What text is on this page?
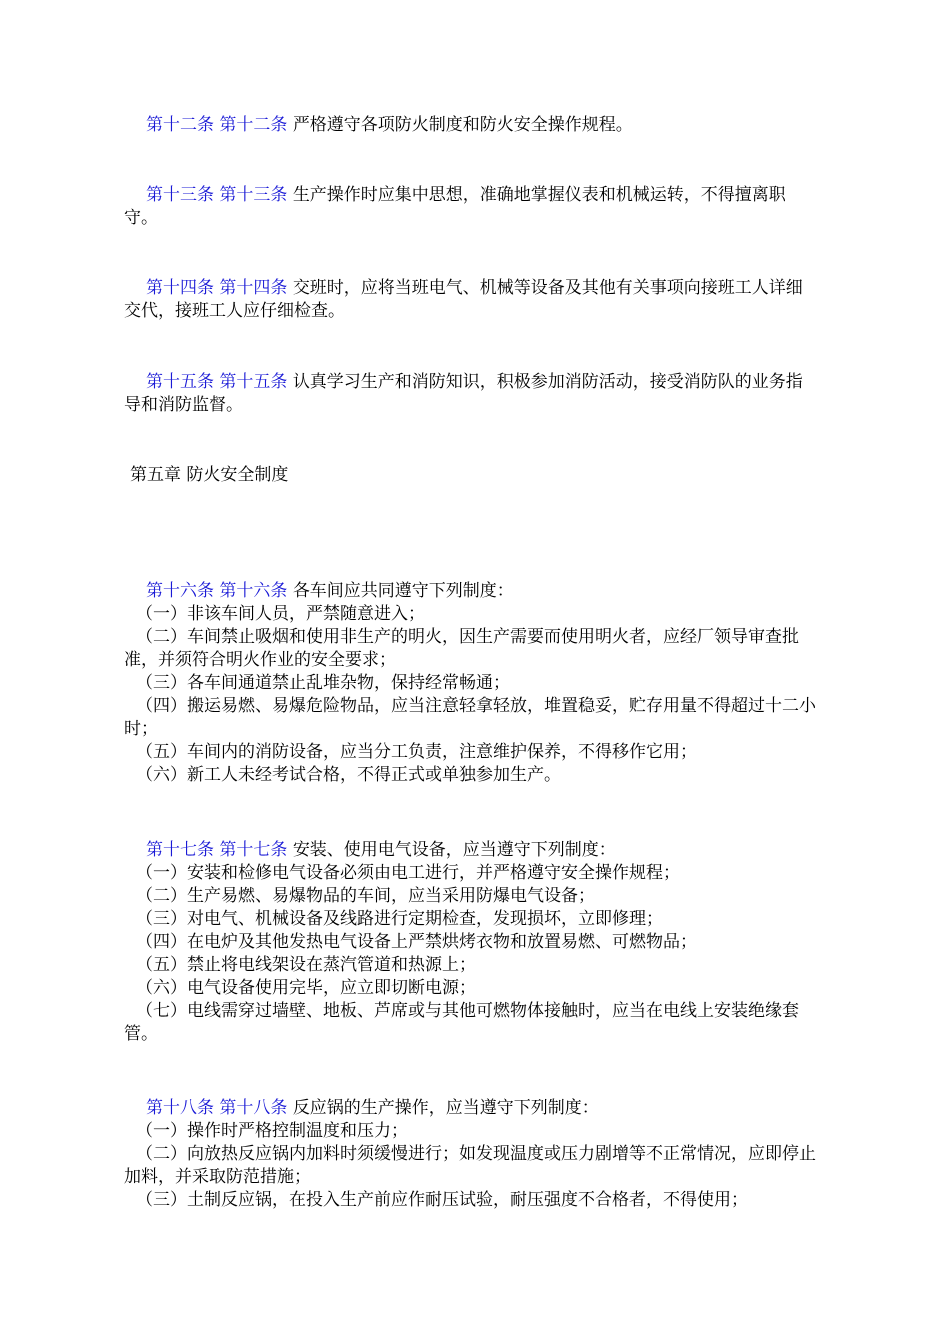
第十二条 第十二条 严格遵守各项防火制度和防火安全操作规程。
第十三条 第十三条 生产操作时应集中思想，准确地掌握仪表和机械运转，不得擅离职
守。
第十四条 第十四条 交班时，应将当班电气、机械等设备及其他有关事项向接班工人详细
交代，接班工人应仔细检查。
第十五条 第十五条 认真学习生产和消防知识，积极参加消防活动，接受消防队的业务指
导和消防监督。
第五章 防火安全制度
第十六条 第十六条 各车间应共同遵守下列制度：
（一）非该车间人员，严禁随意进入；
（二）车间禁止吸烟和使用非生产的明火，因生产需要而使用明火者，应经厂领导审查批
准，并须符合明火作业的安全要求；
（三）各车间通道禁止乱堆杂物，保持经常畅通；
（四）搬运易燃、易爆危险物品，应当注意轻拿轻放，堆置稳妥，贮存用量不得超过十二小
时；
（五）车间内的消防设备，应当分工负责，注意维护保养，不得移作它用；
（六）新工人未经考试合格，不得正式或单独参加生产。
第十七条 第十七条 安装、使用电气设备，应当遵守下列制度：
（一）安装和检修电气设备必须由电工进行，并严格遵守安全操作规程；
（二）生产易燃、易爆物品的车间，应当采用防爆电气设备；
（三）对电气、机械设备及线路进行定期检查，发现损坏，立即修理；
（四）在电炉及其他发热电气设备上严禁烘烤衣物和放置易燃、可燃物品；
（五）禁止将电线架设在蒸汽管道和热源上；
（六）电气设备使用完毕，应立即切断电源；
（七）电线需穿过墙壁、地板、芦席或与其他可燃物体接触时，应当在电线上安装绝缘套
管。
第十八条 第十八条 反应锅的生产操作，应当遵守下列制度：
（一）操作时严格控制温度和压力；
（二）向放热反应锅内加料时须缓慢进行；如发现温度或压力剧增等不正常情况，应即停止
加料，并采取防范措施；
（三）土制反应锅，在投入生产前应作耐压试验，耐压强度不合格者，不得使用；
